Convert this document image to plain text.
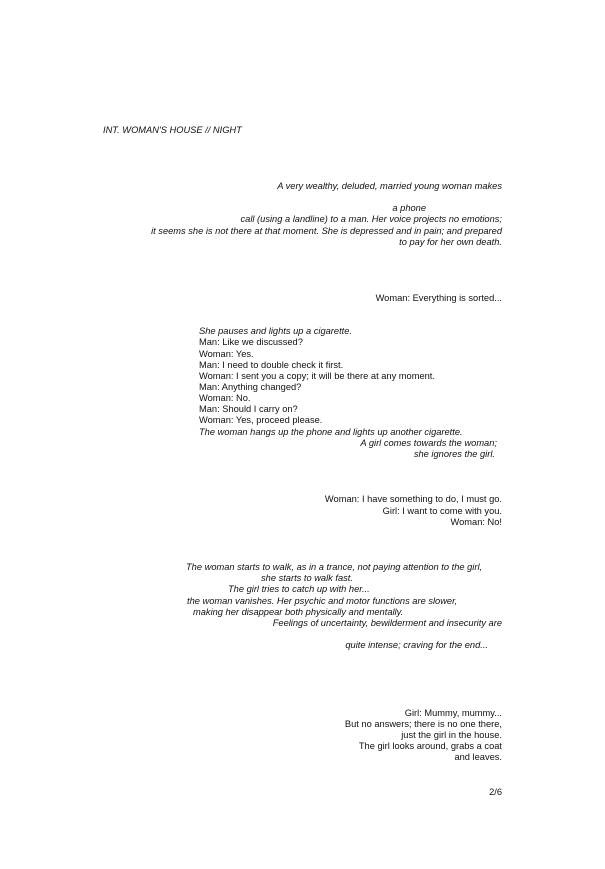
INT. WOMAN'S HOUSE // NIGHT
A very wealthy, deluded, married young woman makes
a phone
call (using a landline) to a man. Her voice projects no emotions;
it seems she is not there at that moment. She is depressed and in pain; and prepared
to pay for her own death.
Woman: Everything is sorted...
She pauses and lights up a cigarette.
Man: Like we discussed?
Woman: Yes.
Man: I need to double check it first.
Woman: I sent you a copy; it will be there at any moment.
Man: Anything changed?
Woman: No.
Man: Should I carry on?
Woman: Yes, proceed please.
The woman hangs up the phone and lights up another cigarette.
A girl comes towards the woman;
she ignores the girl.
Woman: I have something to do, I must go.
Girl: I want to come with you.
Woman: No!
The woman starts to walk, as in a trance, not paying attention to the girl,
she starts to walk fast.
The girl tries to catch up with her...
the woman vanishes. Her psychic and motor functions are slower,
making her disappear both physically and mentally.
Feelings of uncertainty, bewilderment and insecurity are
quite intense; craving for the end...
Girl: Mummy, mummy...
But no answers; there is no one there,
just the girl in the house.
The girl looks around, grabs a coat
and leaves.
2/6
